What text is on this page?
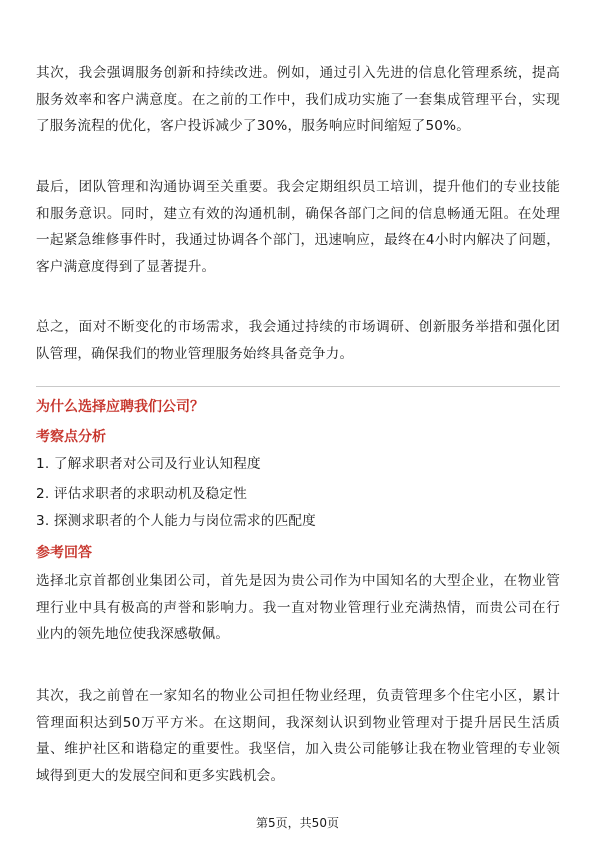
其次，我会强调服务创新和持续改进。例如，通过引入先进的信息化管理系统，提高服务效率和客户满意度。在之前的工作中，我们成功实施了一套集成管理平台，实现了服务流程的优化，客户投诉减少了30%，服务响应时间缩短了50%。

最后，团队管理和沟通协调至关重要。我会定期组织员工培训，提升他们的专业技能和服务意识。同时，建立有效的沟通机制，确保各部门之间的信息畅通无阻。在处理一起紧急维修事件时，我通过协调各个部门，迅速响应，最终在4小时内解决了问题，客户满意度得到了显著提升。

总之，面对不断变化的市场需求，我会通过持续的市场调研、创新服务举措和强化团队管理，确保我们的物业管理服务始终具备竞争力。

为什么选择应聘我们公司？

考察点分析

1. 了解求职者对公司及行业认知程度

2. 评估求职者的求职动机及稳定性

3. 探测求职者的个人能力与岗位需求的匹配度

参考回答

选择北京首都创业集团公司，首先是因为贵公司作为中国知名的大型企业，在物业管理行业中具有极高的声誉和影响力。我一直对物业管理行业充满热情，而贵公司在行业内的领先地位使我深感敬佩。

其次，我之前曾在一家知名的物业公司担任物业经理，负责管理多个住宅小区，累计管理面积达到50万平方米。在这期间，我深刻认识到物业管理对于提升居民生活质量、维护社区和谐稳定的重要性。我坚信，加入贵公司能够让我在物业管理的专业领域得到更大的发展空间和更多实践机会。

第5页，共50页
